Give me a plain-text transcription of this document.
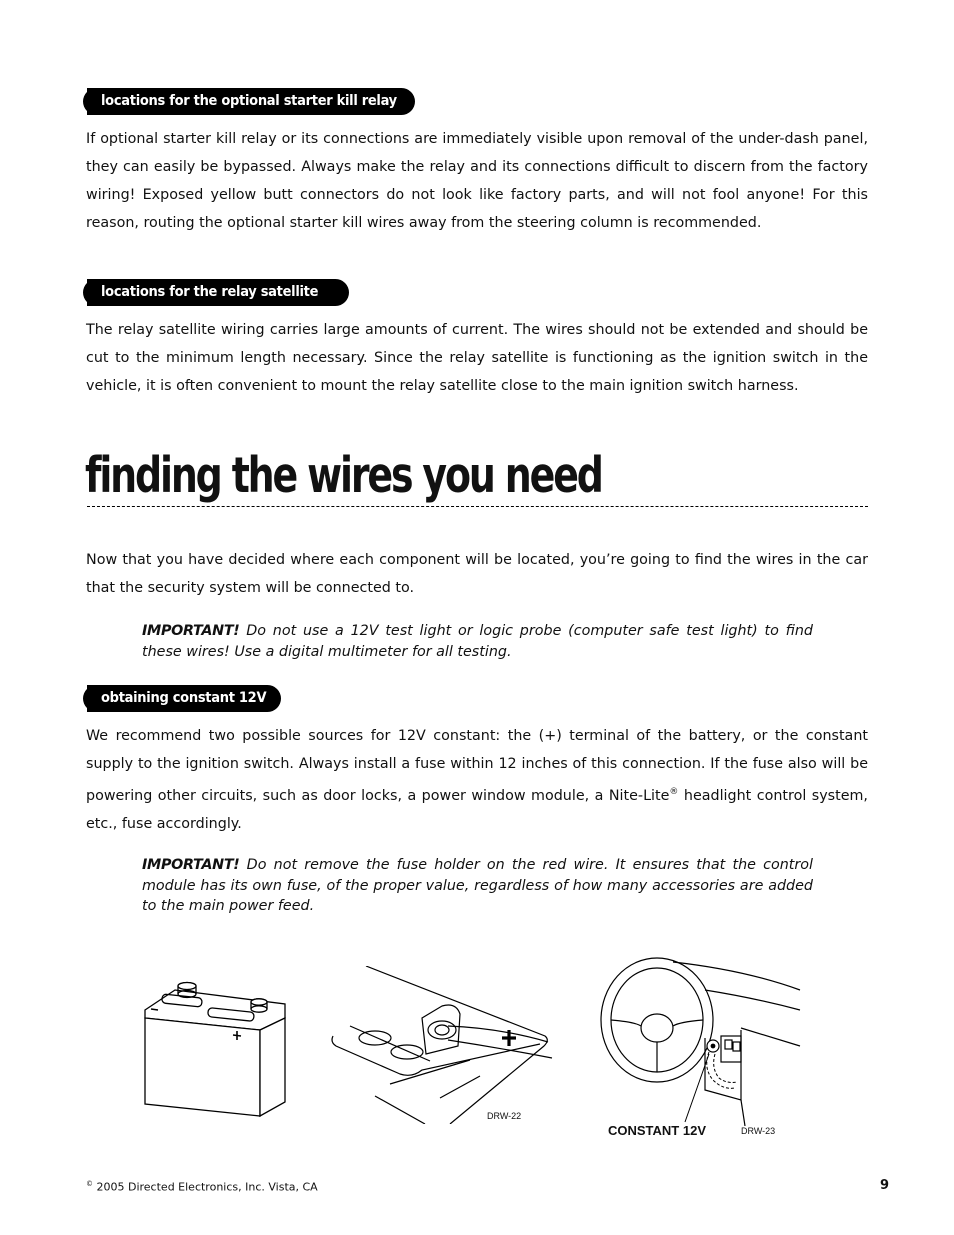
locations for the optional starter kill relay

If optional starter kill relay or its connections are immediately visible upon removal of the under-dash panel, they can easily be bypassed. Always make the relay and its connections difficult to discern from the factory wiring! Exposed yellow butt connectors do not look like factory parts, and will not fool anyone! For this reason, routing the optional starter kill wires away from the steering column is recommended.

locations for the relay satellite

The relay satellite wiring carries large amounts of current. The wires should not be extended and should be cut to the minimum length necessary. Since the relay satellite is functioning as the ignition switch in the vehicle, it is often convenient to mount the relay satellite close to the main ignition switch harness.

finding the wires you need

Now that you have decided where each component will be located, you’re going to find the wires in the car that the security system will be connected to.

IMPORTANT! Do not use a 12V test light or logic probe (computer safe test light) to find these wires! Use a digital multimeter for all testing.

obtaining constant 12V

We recommend two possible sources for 12V constant: the (+) terminal of the battery, or the constant supply to the ignition switch. Always install a fuse within 12 inches of this connection. If the fuse also will be powering other circuits, such as door locks, a power window module, a Nite-Lite® headlight control system, etc., fuse accordingly.

IMPORTANT! Do not remove the fuse holder on the red wire. It ensures that the control module has its own fuse, of the proper value, regardless of how many accessories are added to the main power feed.

DRW-22
CONSTANT 12V	DRW-23
© 2005 Directed Electronics, Inc. Vista, CA	9
